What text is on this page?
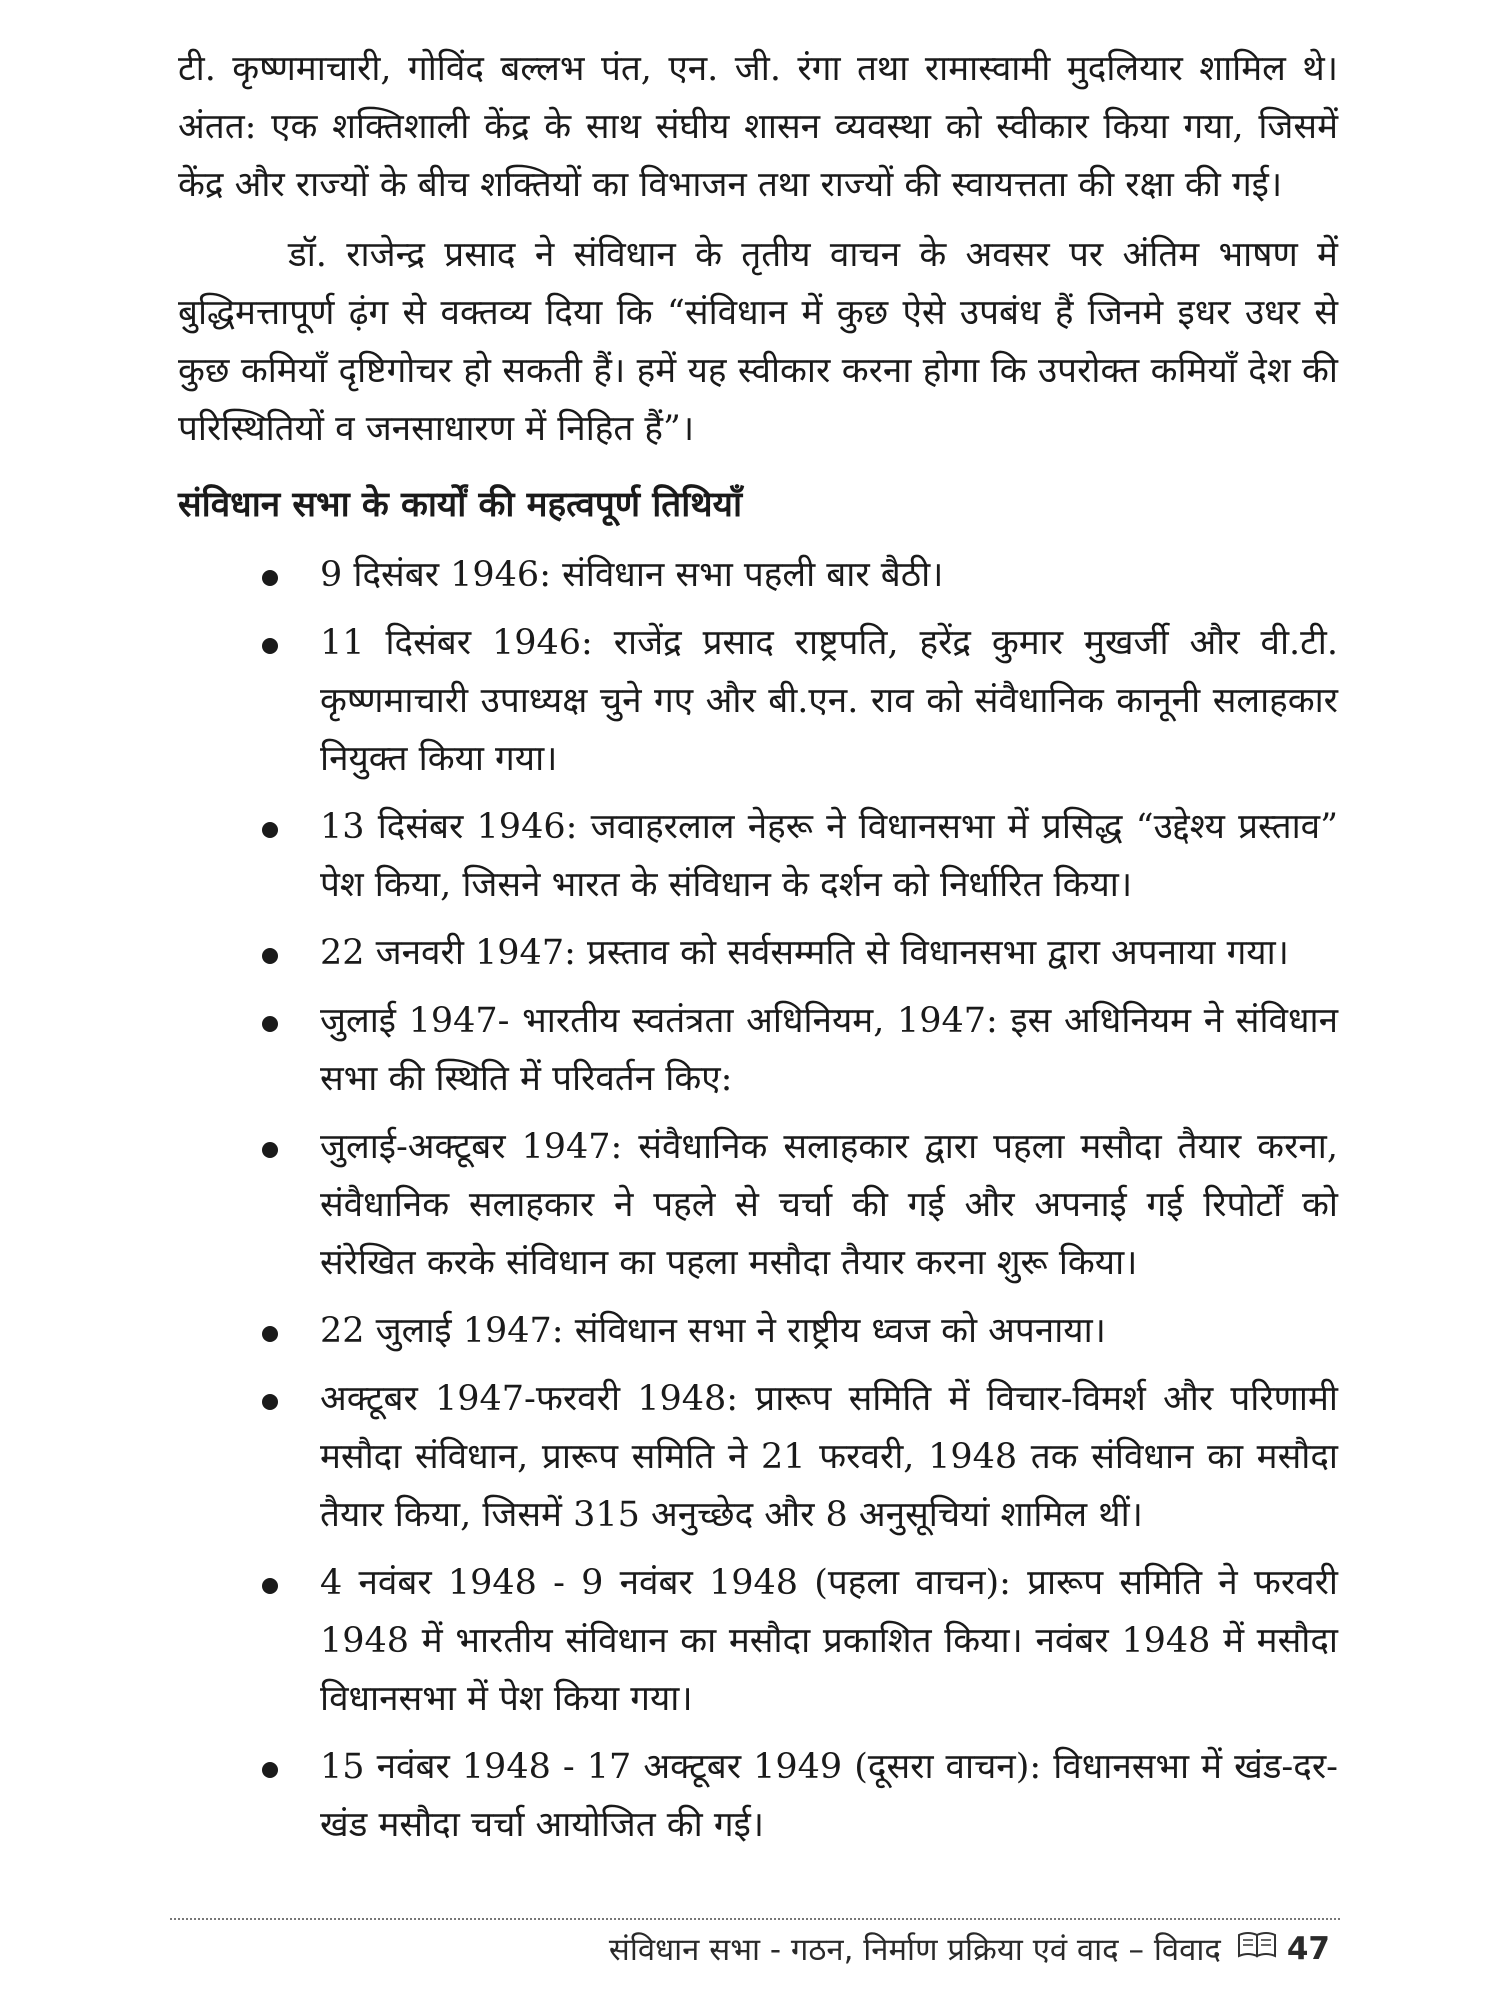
टी. कृष्णमाचारी, गोविंद बल्लभ पंत, एन. जी. रंगा तथा रामास्वामी मुदलियार शामिल थे। अंतत: एक शक्तिशाली केंद्र के साथ संघीय शासन व्यवस्था को स्वीकार किया गया, जिसमें केंद्र और राज्यों के बीच शक्तियों का विभाजन तथा राज्यों की स्वायत्तता की रक्षा की गई।

डॉ. राजेन्द्र प्रसाद ने संविधान के तृतीय वाचन के अवसर पर अंतिम भाषण में बुद्धिमत्तापूर्ण ढ़ंग से वक्तव्य दिया कि “संविधान में कुछ ऐसे उपबंध हैं जिनमे इधर उधर से कुछ कमियाँ दृष्टिगोचर हो सकती हैं। हमें यह स्वीकार करना होगा कि उपरोक्त कमियाँ देश की परिस्थितियों व जनसाधारण में निहित हैं”।

संविधान सभा के कार्यों की महत्वपूर्ण तिथियाँ
9 दिसंबर 1946: संविधान सभा पहली बार बैठी।
11 दिसंबर 1946: राजेंद्र प्रसाद राष्ट्रपति, हरेंद्र कुमार मुखर्जी और वी.टी. कृष्णमाचारी उपाध्यक्ष चुने गए और बी.एन. राव को संवैधानिक कानूनी सलाहकार नियुक्त किया गया।
13 दिसंबर 1946: जवाहरलाल नेहरू ने विधानसभा में प्रसिद्ध “उद्देश्य प्रस्ताव” पेश किया, जिसने भारत के संविधान के दर्शन को निर्धारित किया।
22 जनवरी 1947: प्रस्ताव को सर्वसम्मति से विधानसभा द्वारा अपनाया गया।
जुलाई 1947- भारतीय स्वतंत्रता अधिनियम, 1947: इस अधिनियम ने संविधान सभा की स्थिति में परिवर्तन किए:
जुलाई-अक्टूबर 1947: संवैधानिक सलाहकार द्वारा पहला मसौदा तैयार करना, संवैधानिक सलाहकार ने पहले से चर्चा की गई और अपनाई गई रिपोर्टों को संरेखित करके संविधान का पहला मसौदा तैयार करना शुरू किया।
22 जुलाई 1947: संविधान सभा ने राष्ट्रीय ध्वज को अपनाया।
अक्टूबर 1947-फरवरी 1948: प्रारूप समिति में विचार-विमर्श और परिणामी मसौदा संविधान, प्रारूप समिति ने 21 फरवरी, 1948 तक संविधान का मसौदा तैयार किया, जिसमें 315 अनुच्छेद और 8 अनुसूचियां शामिल थीं।
4 नवंबर 1948 - 9 नवंबर 1948 (पहला वाचन): प्रारूप समिति ने फरवरी 1948 में भारतीय संविधान का मसौदा प्रकाशित किया। नवंबर 1948 में मसौदा विधानसभा में पेश किया गया।
15 नवंबर 1948 - 17 अक्टूबर 1949 (दूसरा वाचन): विधानसभा में खंड-दर-खंड मसौदा चर्चा आयोजित की गई।
संविधान सभा - गठन, निर्माण प्रक्रिया एवं वाद – विवाद 47
